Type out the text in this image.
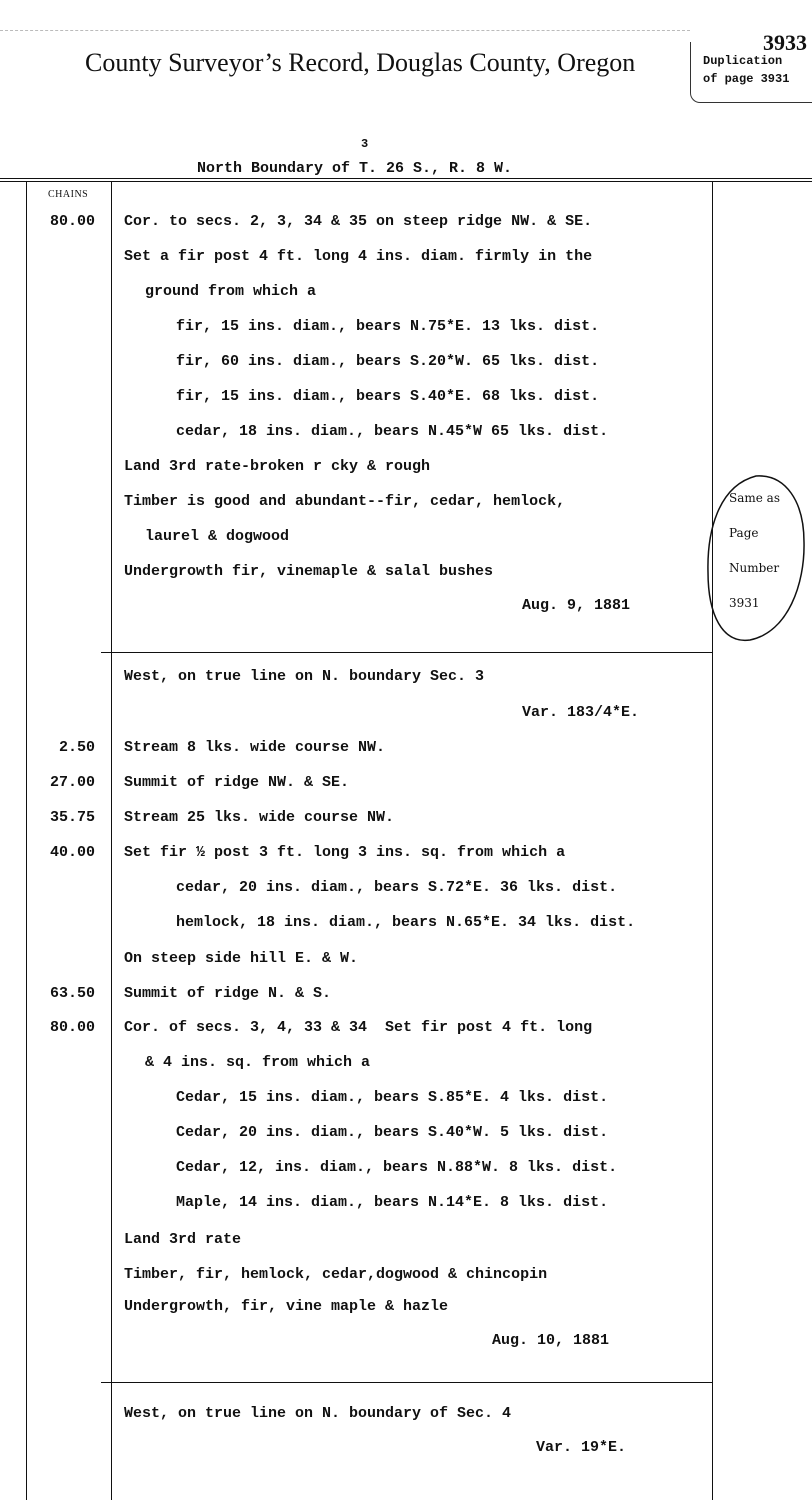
County Surveyor’s Record, Douglas County, Oregon
3933
Duplication
of page 3931
3
North Boundary of T. 26 S., R. 8 W.
CHAINS
80.00 Cor. to secs. 2, 3, 34 & 35 on steep ridge NW. & SE.
Set a fir post 4 ft. long 4 ins. diam. firmly in the
ground from which a
fir, 15 ins. diam., bears N.75*E. 13 lks. dist.
fir, 60 ins. diam., bears S.20*W. 65 lks. dist.
fir, 15 ins. diam., bears S.40*E. 68 lks. dist.
cedar, 18 ins. diam., bears N.45*W 65 lks. dist.
Land 3rd rate-broken r cky & rough
Timber is good and abundant--fir, cedar, hemlock,
laurel & dogwood
Undergrowth fir, vinemaple & salal bushes
Aug. 9, 1881
West, on true line on N. boundary Sec. 3
Var. 183/4*E.
2.50 Stream 8 lks. wide course NW.
27.00 Summit of ridge NW. & SE.
35.75 Stream 25 lks. wide course NW.
40.00 Set fir ½ post 3 ft. long 3 ins. sq. from which a
cedar, 20 ins. diam., bears S.72*E. 36 lks. dist.
hemlock, 18 ins. diam., bears N.65*E. 34 lks. dist.
On steep side hill E. & W.
63.50 Summit of ridge N. & S.
80.00 Cor. of secs. 3, 4, 33 & 34  Set fir post 4 ft. long
& 4 ins. sq. from which a
Cedar, 15 ins. diam., bears S.85*E. 4 lks. dist.
Cedar, 20 ins. diam., bears S.40*W. 5 lks. dist.
Cedar, 12, ins. diam., bears N.88*W. 8 lks. dist.
Maple, 14 ins. diam., bears N.14*E. 8 lks. dist.
Land 3rd rate
Timber, fir, hemlock, cedar,dogwood & chincopin
Undergrowth, fir, vine maple & hazle
Aug. 10, 1881
West, on true line on N. boundary of Sec. 4
Var. 19*E.
Same as
Page
Number
3931
